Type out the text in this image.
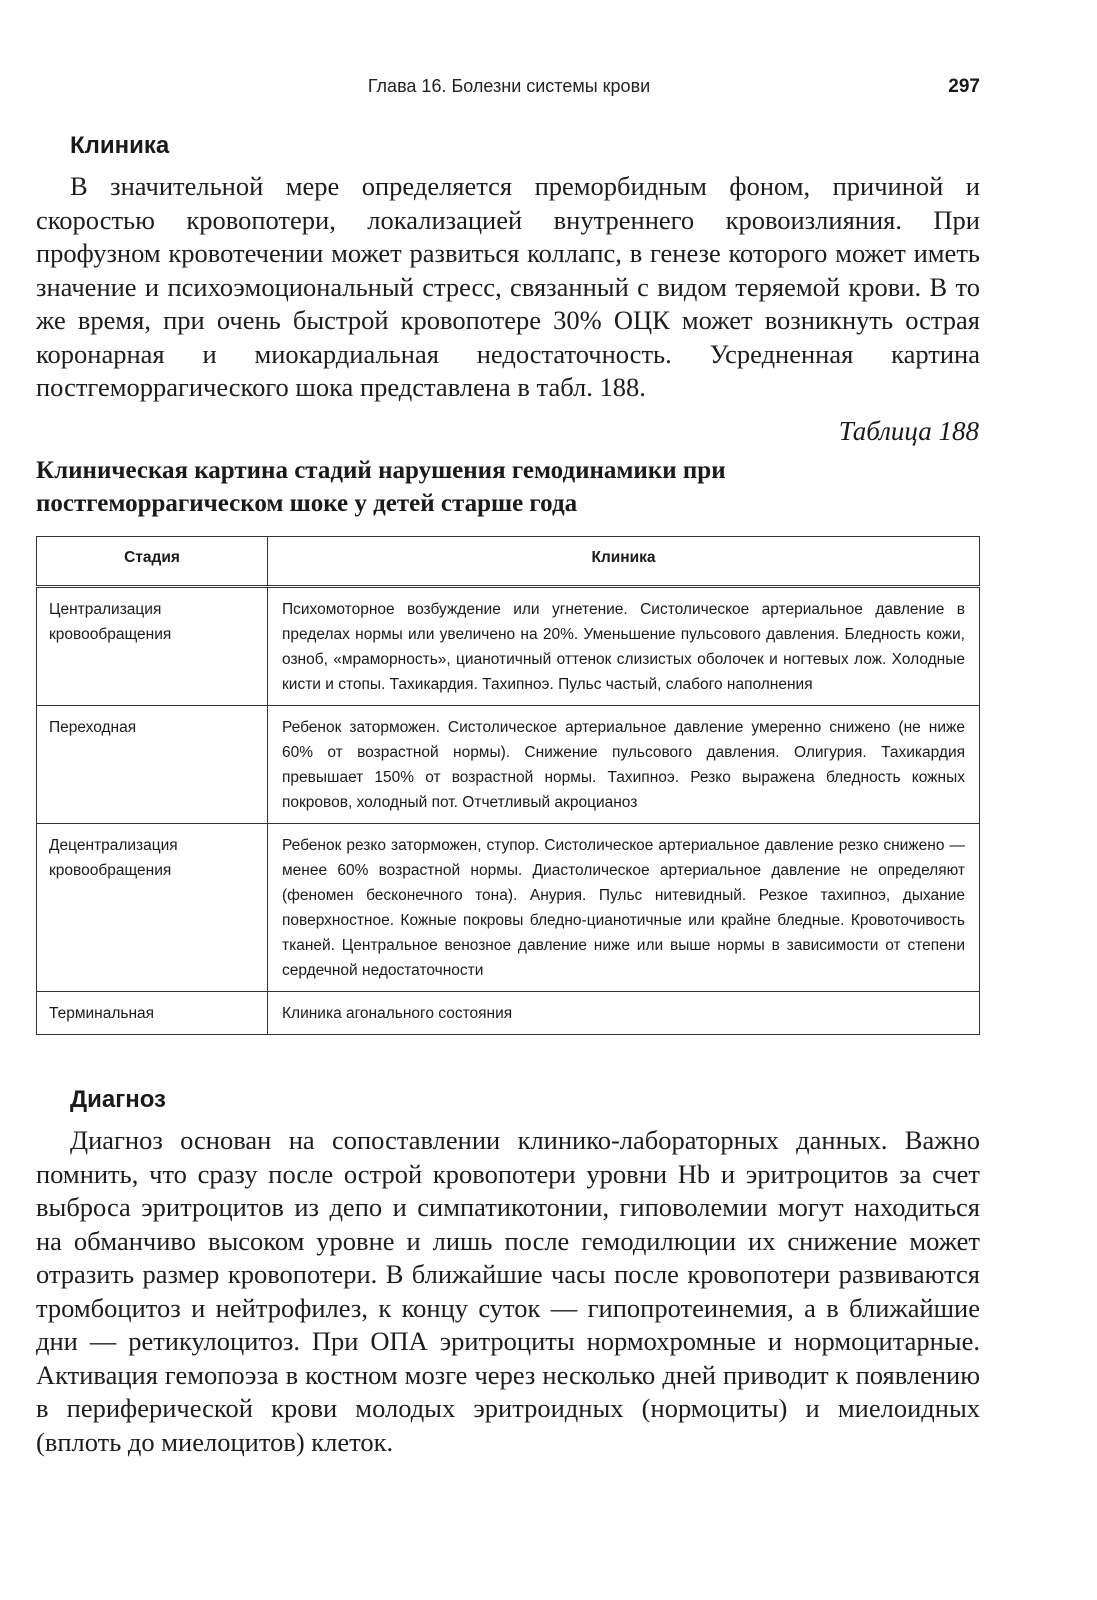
Глава 16. Болезни системы крови	297
Клиника

В значительной мере определяется преморбидным фоном, причиной и скоростью кровопотери, локализацией внутреннего кровоизлияния. При профузном кровотечении может развиться коллапс, в генезе которого может иметь значение и психоэмоциональный стресс, связанный с видом теряемой крови. В то же время, при очень быстрой кровопотере 30% ОЦК может возникнуть острая коронарная и миокардиальная недостаточность. Усредненная картина постгеморрагического шока представлена в табл. 188.

Таблица 188
Клиническая картина стадий нарушения гемодинамики при постгеморрагическом шоке у детей старше года
Стадия	Клиника
Централизация кровообращения	Психомоторное возбуждение или угнетение. Систолическое артериальное давление в пределах нормы или увеличено на 20%. Уменьшение пульсового давления. Бледность кожи, озноб, «мраморность», цианотичный оттенок слизистых оболочек и ногтевых лож. Холодные кисти и стопы. Тахикардия. Тахипноэ. Пульс частый, слабого наполнения
Переходная	Ребенок заторможен. Систолическое артериальное давление умеренно снижено (не ниже 60% от возрастной нормы). Снижение пульсового давления. Олигурия. Тахикардия превышает 150% от возрастной нормы. Тахипноэ. Резко выражена бледность кожных покровов, холодный пот. Отчетливый акроцианоз
Децентрализация кровообращения	Ребенок резко заторможен, ступор. Систолическое артериальное давление резко снижено — менее 60% возрастной нормы. Диастолическое артериальное давление не определяют (феномен бесконечного тона). Анурия. Пульс нитевидный. Резкое тахипноэ, дыхание поверхностное. Кожные покровы бледно-цианотичные или крайне бледные. Кровоточивость тканей. Центральное венозное давление ниже или выше нормы в зависимости от степени сердечной недостаточности
Терминальная	Клиника агонального состояния
Диагноз

Диагноз основан на сопоставлении клинико-лабораторных данных. Важно помнить, что сразу после острой кровопотери уровни Hb и эритроцитов за счет выброса эритроцитов из депо и симпатикотонии, гиповолемии могут находиться на обманчиво высоком уровне и лишь после гемодилюции их снижение может отразить размер кровопотери. В ближайшие часы после кровопотери развиваются тромбоцитоз и нейтрофилез, к концу суток — гипопротеинемия, а в ближайшие дни — ретикулоцитоз. При ОПА эритроциты нормохромные и нормоцитарные. Активация гемопоэза в костном мозге через несколько дней приводит к появлению в периферической крови молодых эритроидных (нормоциты) и миелоидных (вплоть до миелоцитов) клеток.
